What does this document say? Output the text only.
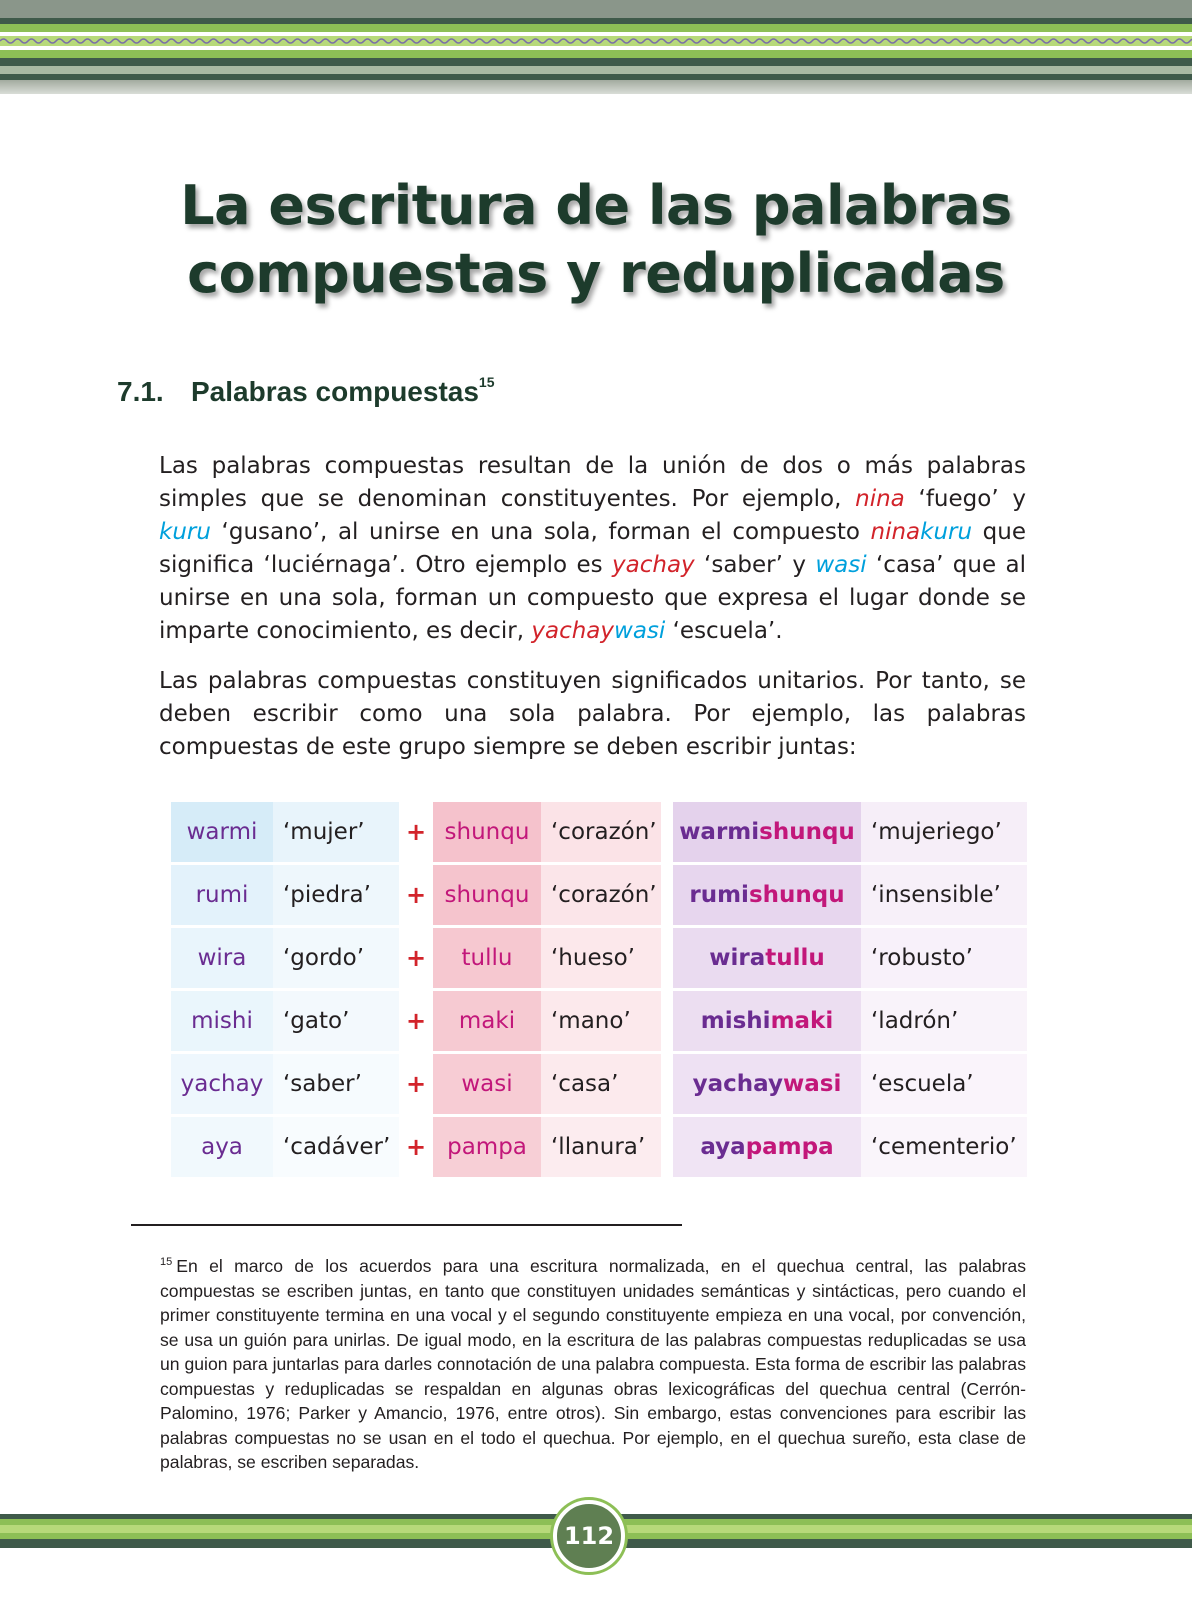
La escritura de las palabras
compuestas y reduplicadas
7.1. Palabras compuestas$^{15}$
Las palabras compuestas resultan de la unión de dos o más palabras simples que se denominan constituyentes. Por ejemplo, nina ‘fuego’ y kuru ‘gusano’, al unirse en una sola, forman el compuesto ninakuru que significa ‘luciérnaga’. Otro ejemplo es yachay ‘saber’ y wasi ‘casa’ que al unirse en una sola, forman un compuesto que expresa el lugar donde se imparte conocimiento, es decir, yachaywasi ‘escuela’.
Las palabras compuestas constituyen significados unitarios. Por tanto, se deben escribir como una sola palabra. Por ejemplo, las palabras compuestas de este grupo siempre se deben escribir juntas:
warmi	‘mujer’	+ shunqu ‘corazón’ warmishunqu ‘mujeriego’
rumi	‘piedra’	+ shunqu ‘corazón’	rumishunqu	‘insensible’
wira	‘gordo’	+	tullu	‘hueso’	wiratullu	‘robusto’
mishi	‘gato’	+	maki	‘mano’	mishimaki	‘ladrón’
yachay ‘saber’	+	wasi	‘casa’	yachaywasi	‘escuela’
aya	‘cadáver’ + pampa	‘llanura’	ayapampa	‘cementerio’
$^{15}$ En el marco de los acuerdos para una escritura normalizada, en el quechua central, las palabras compuestas se escriben juntas, en tanto que constituyen unidades semánticas y sintácticas, pero cuando el primer constituyente termina en una vocal y el segundo constituyente empieza en una vocal, por convención, se usa un guión para unirlas. De igual modo, en la escritura de las palabras compuestas reduplicadas se usa un guion para juntarlas para darles connotación de una palabra compuesta. Esta forma de escribir las palabras compuestas y reduplicadas se respaldan en algunas obras lexicográficas del quechua central (Cerrón-Palomino, 1976; Parker y Amancio, 1976, entre otros). Sin embargo, estas convenciones para escribir las palabras compuestas no se usan en el todo el quechua. Por ejemplo, en el quechua sureño, esta clase de palabras, se escriben separadas.
112
